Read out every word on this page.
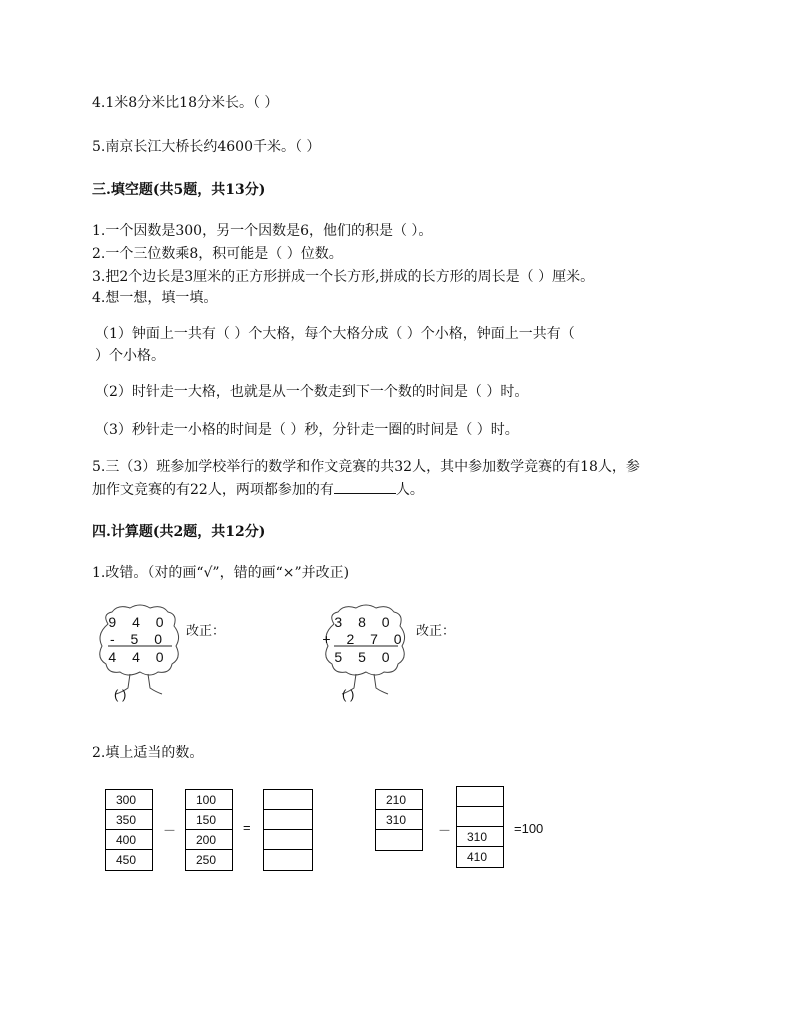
4.1米8分米比18分米长。（ ）
5.南京长江大桥长约4600千米。（ ）
三.填空题(共5题，共13分)
1.一个因数是300，另一个因数是6，他们的积是（ ）。
2.一个三位数乘8，积可能是（ ）位数。
3.把2个边长是3厘米的正方形拼成一个长方形,拼成的长方形的周长是（ ）厘米。
4.想一想，填一填。
（1）钟面上一共有（ ）个大格，每个大格分成（ ）个小格，钟面上一共有（
）个小格。
（2）时针走一大格，也就是从一个数走到下一个数的时间是（ ）时。
（3）秒针走一小格的时间是（ ）秒，分针走一圈的时间是（ ）时。
5.三（3）班参加学校举行的数学和作文竞赛的共32人，其中参加数学竞赛的有18人，参
加作文竞赛的有22人，两项都参加的有	人。
四.计算题(共2题，共12分)
1.改错。（对的画“√”，错的画“×”并改正)
9 4 0
- 5 0
4 4 0
( )
改正：
3 8 0
+ 2 7 0
5 5 0
( )
改正：
2.填上适当的数。
300
350
400
450
－
100
150
200
250
=
210
310
－	310
410
=100
